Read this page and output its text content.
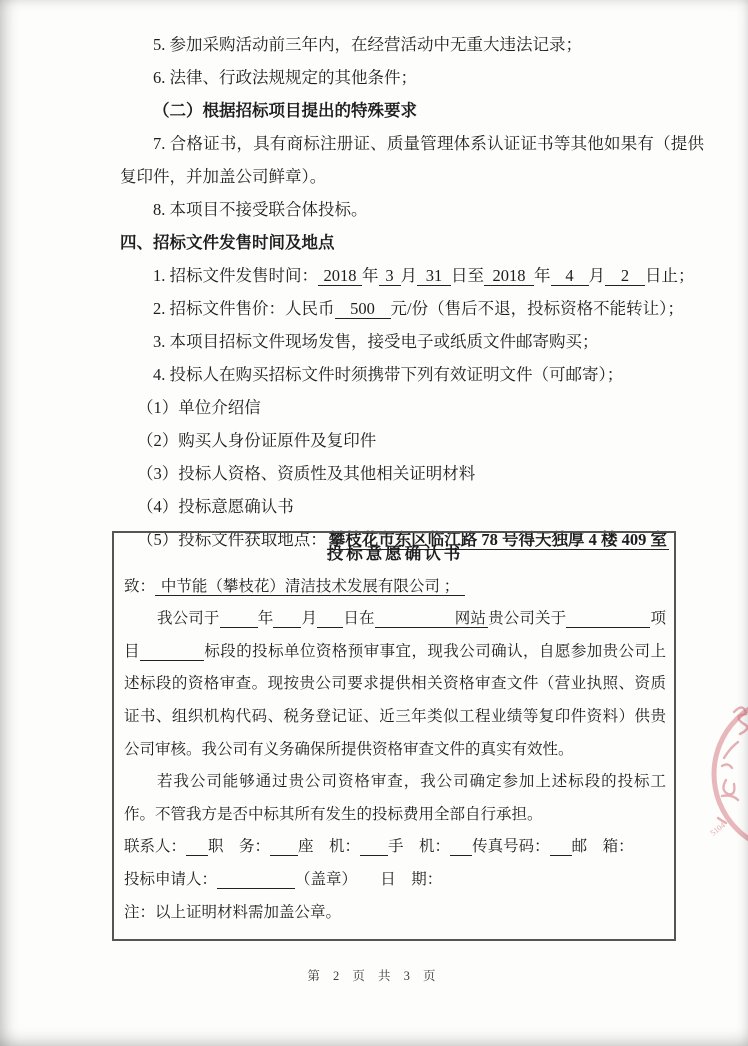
5. 参加采购活动前三年内，在经营活动中无重大违法记录；

6. 法律、行政法规规定的其他条件；

（二）根据招标项目提出的特殊要求

7. 合格证书，具有商标注册证、质量管理体系认证证书等其他如果有（提供复印件，并加盖公司鲜章）。

8. 本项目不接受联合体投标。

四、招标文件发售时间及地点

1. 招标文件发售时间： 2018 年 3 月 31 日至 2018 年 4 月 2 日止；

2. 招标文件售价：人民币 500 元/份（售后不退，投标资格不能转让）；

3. 本项目招标文件现场发售，接受电子或纸质文件邮寄购买；

4. 投标人在购买招标文件时须携带下列有效证明文件（可邮寄）；

（1）单位介绍信

（2）购买人身份证原件及复印件

（3）投标人资格、资质性及其他相关证明材料

（4）投标意愿确认书

（5）投标文件获取地点： 攀枝花市东区临江路 78 号得天独厚 4 楼 409 室

投标意愿确认书

致： 中节能（攀枝花）清洁技术发展有限公司 ；

我公司于 年 月 日在	网站 贵公司关于	项目	标段的投标单位资格预审事宜，现我公司确认，自愿参加贵公司上述标段的资格审查。现按贵公司要求提供相关资格审查文件（营业执照、资质证书、组织机构代码、税务登记证、近三年类似工程业绩等复印件资料）供贵公司审核。我公司有义务确保所提供资格审查文件的真实有效性。

若我公司能够通过贵公司资格审查，我公司确定参加上述标段的投标工作。不管我方是否中标其所有发生的投标费用全部自行承担。

联系人： 职　务： 座　机： 手　机： 传真号码： 邮　箱：

投标申请人：	（盖章）　　日　期：

注：以上证明材料需加盖公章。

第 2 页 共 3 页
5104
